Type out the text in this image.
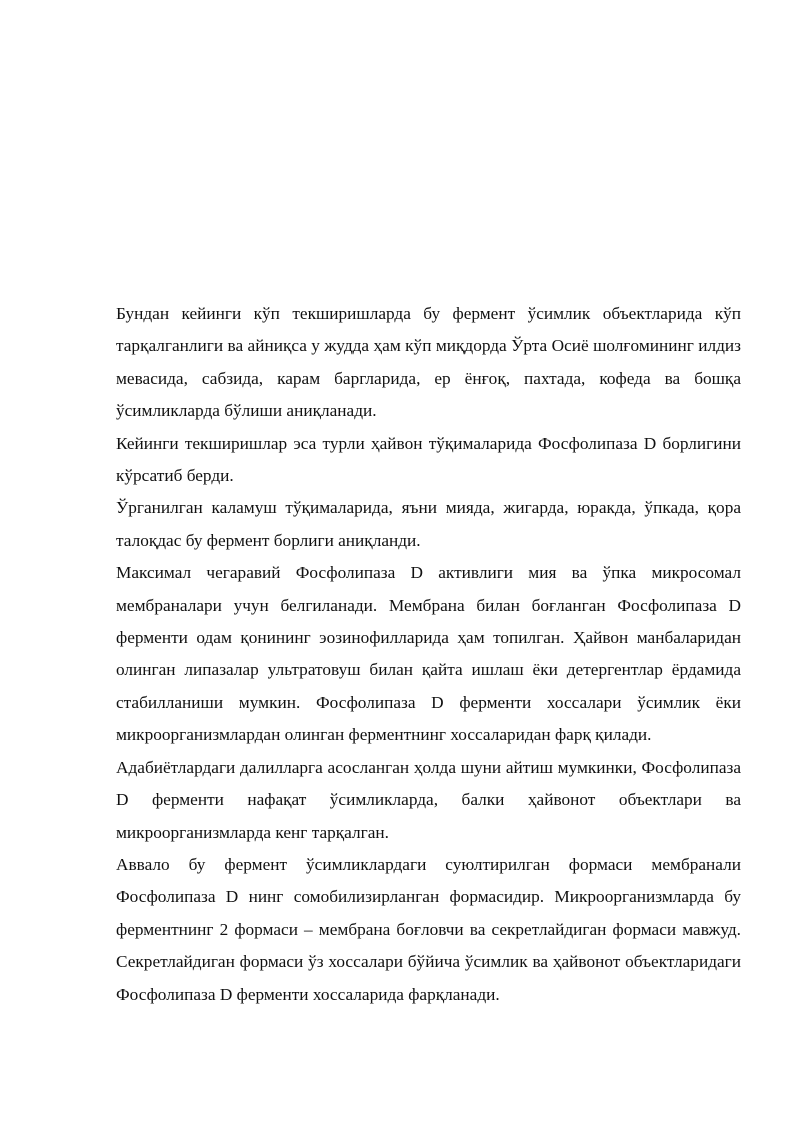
Бундан кейинги кўп текширишларда бу фермент ўсимлик объектларида кўп тарқалганлиги ва айниқса у жудда ҳам кўп миқдорда Ўрта Осиё шолғомининг илдиз мевасида, сабзида, карам баргларида, ер ёнғоқ, пахтада, кофеда ва бошқа ўсимликларда бўлиши аниқланади.

Кейинги текширишлар эса турли ҳайвон тўқималарида Фосфолипаза D борлигини кўрсатиб берди.

Ўрганилган каламуш тўқималарида, яъни мияда, жигарда, юракда, ўпкада, қора талоқдас бу фермент борлиги аниқланди.

Максимал чегаравий Фосфолипаза D активлиги мия ва ўпка микросомал мембраналари учун белгиланади. Мембрана билан боғланган Фосфолипаза D ферменти одам қонининг эозинофилларида ҳам топилган. Ҳайвон манбаларидан олинган липазалар ультратовуш билан қайта ишлаш ёки детергентлар ёрдамида стабилланиши мумкин. Фосфолипаза D ферменти хоссалари ўсимлик ёки микроорганизмлардан олинган ферментнинг хоссаларидан фарқ қилади.

Адабиётлардаги далилларга асосланган ҳолда шуни айтиш мумкинки, Фосфолипаза D ферменти нафақат ўсимликларда, балки ҳайвонот объектлари ва микроорганизмларда кенг тарқалган.

Аввало бу фермент ўсимликлардаги суюлтирилган формаси мембранали Фосфолипаза D нинг сомобилизирланган формасидир. Микроорганизмларда бу ферментнинг 2 формаси – мембрана боғловчи ва секретлайдиган формаси мавжуд. Секретлайдиган формаси ўз хоссалари бўйича ўсимлик ва ҳайвонот объектларидаги Фосфолипаза D ферменти хоссаларида фарқланади.
